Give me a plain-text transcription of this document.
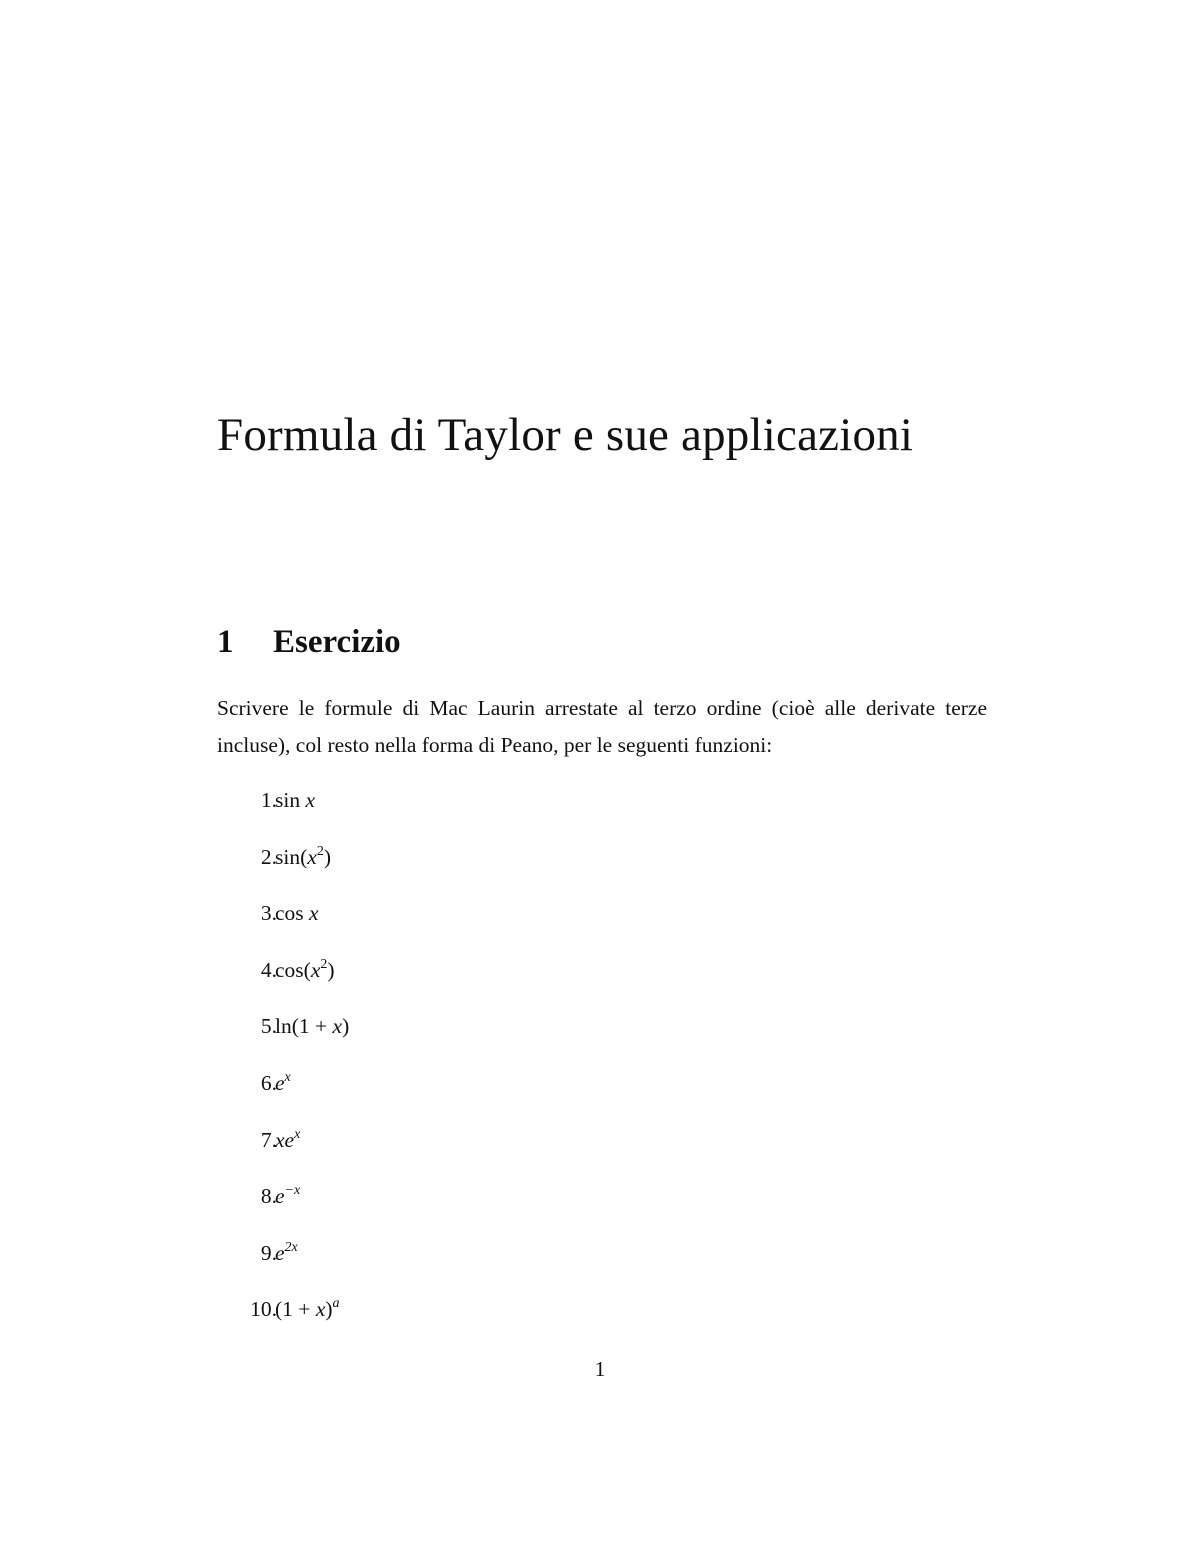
Formula di Taylor e sue applicazioni
1 Esercizio

Scrivere le formule di Mac Laurin arrestate al terzo ordine (cioè alle derivate terze incluse), col resto nella forma di Peano, per le seguenti funzioni:

1.
sin x
2.
$\sin(x^2)$
3.
cos x
4.
$\cos(x^2)$
5.
ln(1 + x)
6.
$e^x$
7.
$xe^x$
8.
$e^{-x}$
9.
$e^{2x}$
10.
$(1 + x)^a$
1
